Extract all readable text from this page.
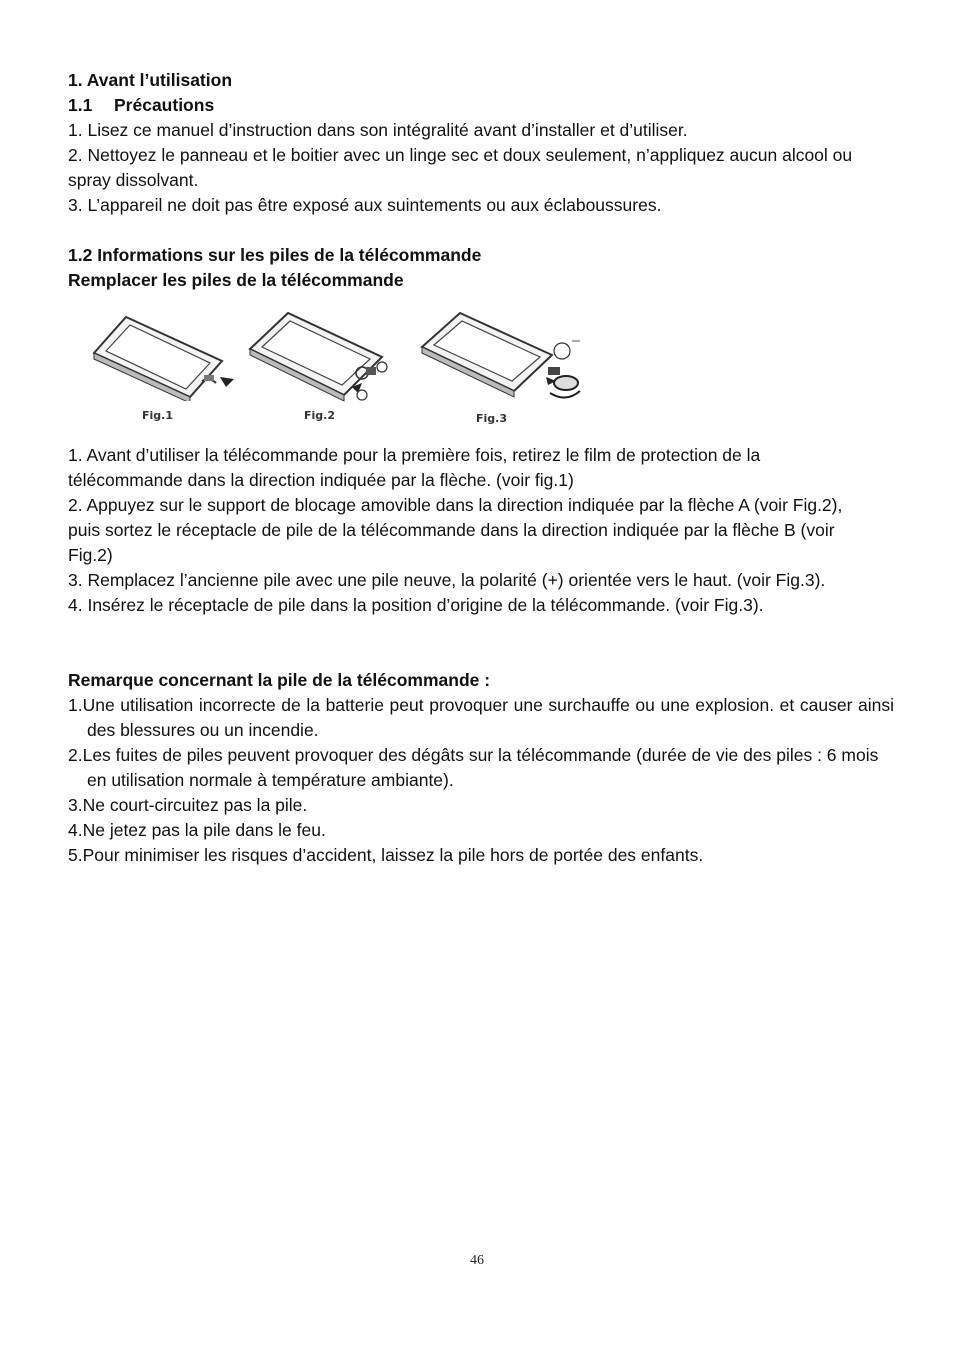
1. Avant l’utilisation

1.1 Précautions

1. Lisez ce manuel d’instruction dans son intégralité avant d’installer et d’utiliser.

2. Nettoyez le panneau et le boitier avec un linge sec et doux seulement, n’appliquez aucun alcool ou spray dissolvant.

3. L’appareil ne doit pas être exposé aux suintements ou aux éclaboussures.

1.2 Informations sur les piles de la télécommande

Remplacer les piles de la télécommande

Fig.1	Fig.2
+
Fig.3

1. Avant d’utiliser la télécommande pour la première fois, retirez le film de protection de la télécommande dans la direction indiquée par la flèche. (voir fig.1)

2. Appuyez sur le support de blocage amovible dans la direction indiquée par la flèche A (voir Fig.2), puis sortez le réceptacle de pile de la télécommande dans la direction indiquée par la flèche B (voir Fig.2)

3. Remplacez l’ancienne pile avec une pile neuve, la polarité (+) orientée vers le haut. (voir Fig.3).

4. Insérez le réceptacle de pile dans la position d’origine de la télécommande. (voir Fig.3).

Remarque concernant la pile de la télécommande :

1.Une utilisation incorrecte de la batterie peut provoquer une surchauffe ou une explosion. et causer ainsi des blessures ou un incendie.

2.Les fuites de piles peuvent provoquer des dégâts sur la télécommande (durée de vie des piles : 6 mois en utilisation normale à température ambiante).

3.Ne court-circuitez pas la pile.

4.Ne jetez pas la pile dans le feu.

5.Pour minimiser les risques d’accident, laissez la pile hors de portée des enfants.

46
